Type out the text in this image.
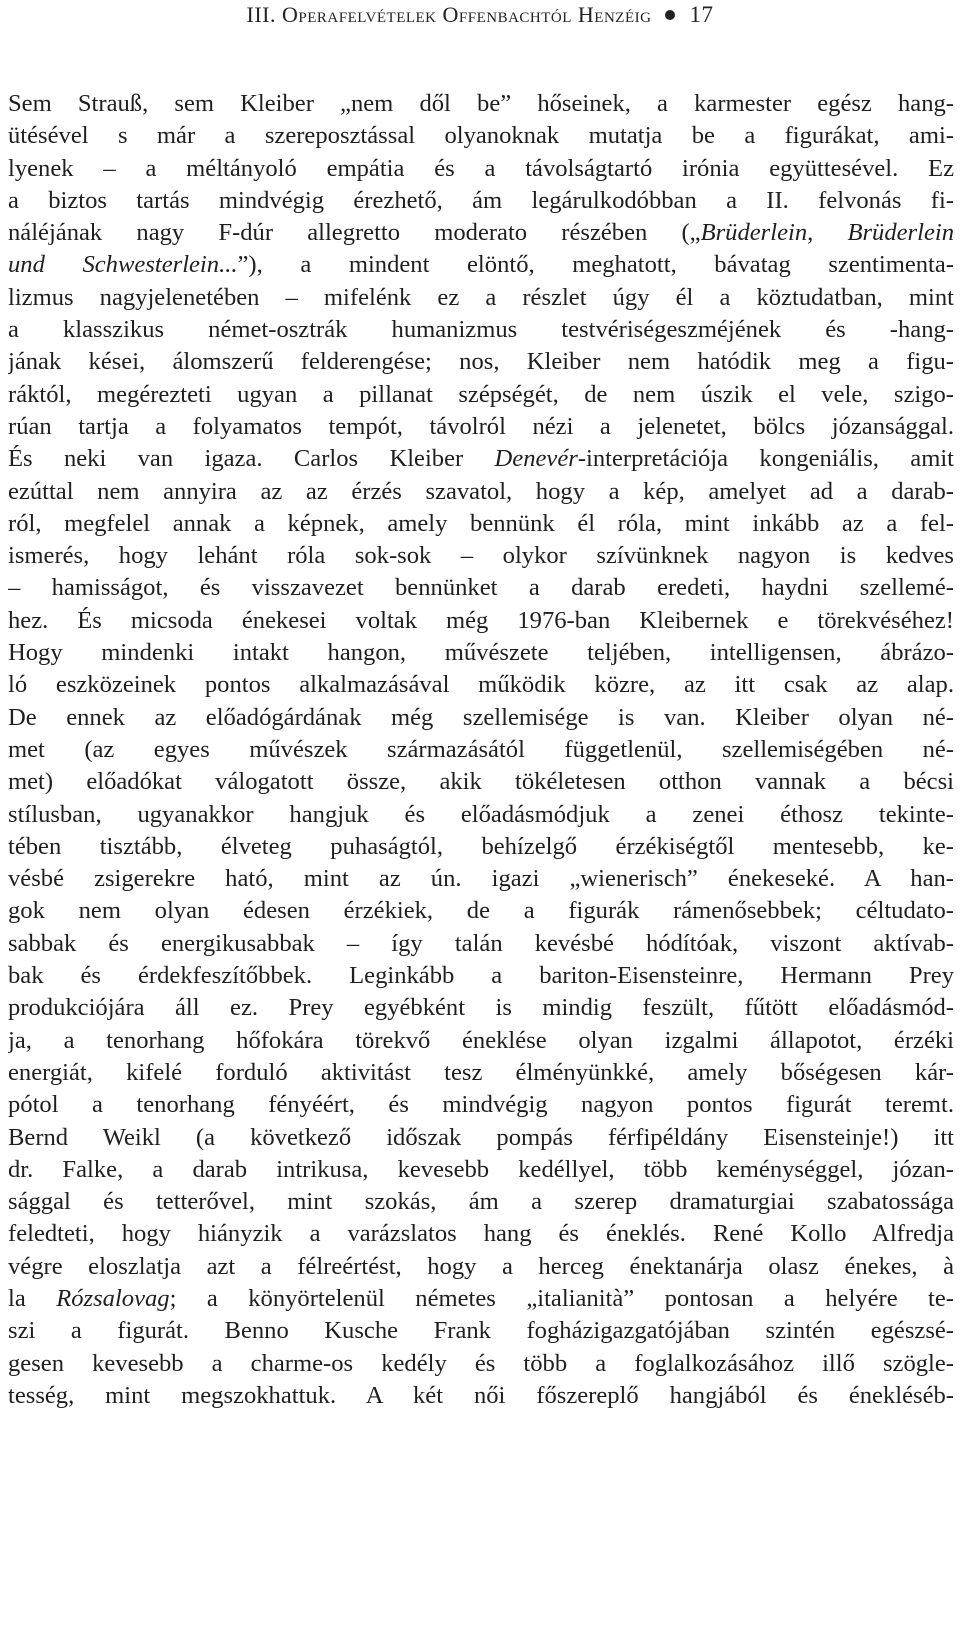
III. Operafelvételek Offenbachtól Henzéig 17
Sem Strauß, sem Kleiber „nem dől be” hőseinek, a karmester egész hang-
ütésével s már a szereposztással olyanoknak mutatja be a figurákat, ami-
lyenek – a méltányoló empátia és a távolságtartó irónia együttesével. Ez
a biztos tartás mindvégig érezhető, ám legárulkodóbban a II. felvonás fi-
náléjának nagy F-dúr allegretto moderato részében („Brüderlein, Brüderlein
und Schwesterlein...”), a mindent elöntő, meghatott, bávatag szentimenta-
lizmus nagyjelenetében – mifelénk ez a részlet úgy él a köztudatban, mint
a klasszikus német-osztrák humanizmus testvériségeszméjének és -hang-
jának kései, álomszerű felderengése; nos, Kleiber nem hatódik meg a figu-
ráktól, megérezteti ugyan a pillanat szépségét, de nem úszik el vele, szigo-
rúan tartja a folyamatos tempót, távolról nézi a jelenetet, bölcs józansággal.
És neki van igaza. Carlos Kleiber Denevér-interpretációja kongeniális, amit
ezúttal nem annyira az az érzés szavatol, hogy a kép, amelyet ad a darab-
ról, megfelel annak a képnek, amely bennünk él róla, mint inkább az a fel-
ismerés, hogy lehánt róla sok-sok – olykor szívünknek nagyon is kedves
– hamisságot, és visszavezet bennünket a darab eredeti, haydni szellemé-
hez. És micsoda énekesei voltak még 1976-ban Kleibernek e törekvéséhez!
Hogy mindenki intakt hangon, művészete teljében, intelligensen, ábrázo-
ló eszközeinek pontos alkalmazásával működik közre, az itt csak az alap.
De ennek az előadógárdának még szellemisége is van. Kleiber olyan né-
met (az egyes művészek származásától függetlenül, szellemiségében né-
met) előadókat válogatott össze, akik tökéletesen otthon vannak a bécsi
stílusban, ugyanakkor hangjuk és előadásmódjuk a zenei éthosz tekinte-
tében tisztább, élveteg puhaságtól, behízelgő érzékiségtől mentesebb, ke-
vésbé zsigerekre ható, mint az ún. igazi „wienerisch” énekeseké. A han-
gok nem olyan édesen érzékiek, de a figurák rámenősebbek; céltudato-
sabbak és energikusabbak – így talán kevésbé hódítóak, viszont aktívab-
bak és érdekfeszítőbbek. Leginkább a bariton-Eisensteinre, Hermann Prey
produkciójára áll ez. Prey egyébként is mindig feszült, fűtött előadásmód-
ja, a tenorhang hőfokára törekvő éneklése olyan izgalmi állapotot, érzéki
energiát, kifelé forduló aktivitást tesz élményünkké, amely bőségesen kár-
pótol a tenorhang fényéért, és mindvégig nagyon pontos figurát teremt.
Bernd Weikl (a következő időszak pompás férfipéldány Eisensteinje!) itt
dr. Falke, a darab intrikusa, kevesebb kedéllyel, több keménységgel, józan-
sággal és tetterővel, mint szokás, ám a szerep dramaturgiai szabatossága
feledteti, hogy hiányzik a varázslatos hang és éneklés. René Kollo Alfredja
végre eloszlatja azt a félreértést, hogy a herceg énektanárja olasz énekes, à
la Rózsalovag; a könyörtelenül németes „italianità” pontosan a helyére te-
szi a figurát. Benno Kusche Frank fogházigazgatójában szintén egészsé-
gesen kevesebb a charme-os kedély és több a foglalkozásához illő szögle-
tesség, mint megszokhattuk. A két női főszereplő hangjából és énekléséb-
